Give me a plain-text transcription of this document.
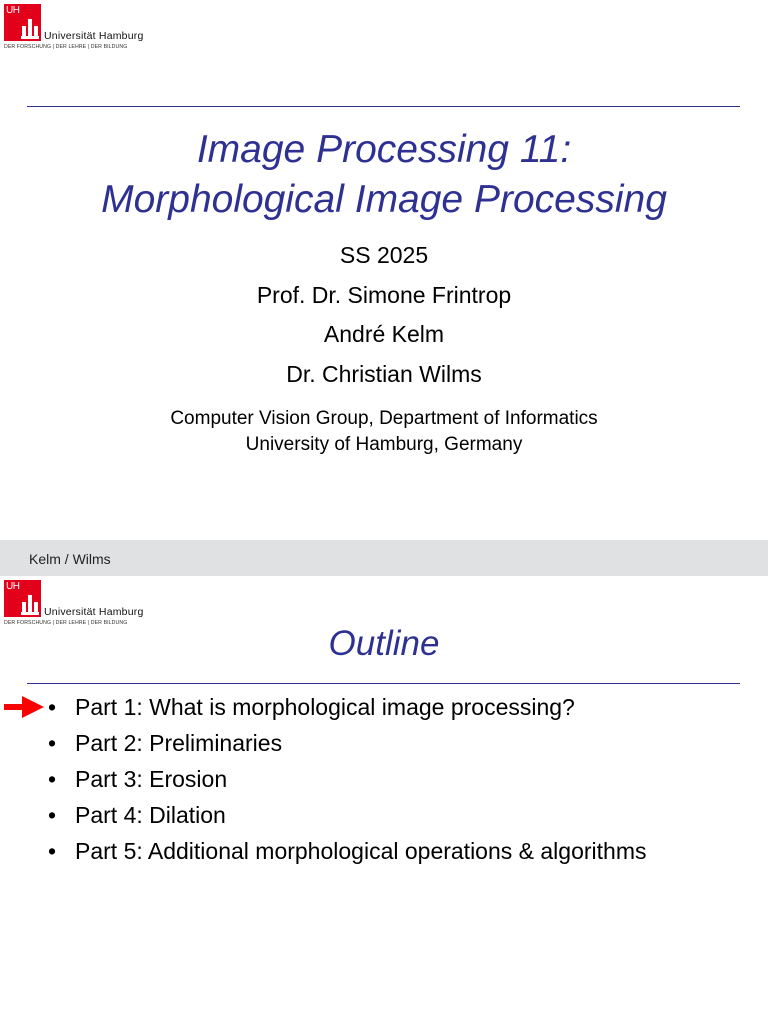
UH
Universität Hamburg
DER FORSCHUNG | DER LEHRE | DER BILDUNG
Image Processing 11:
Morphological Image Processing
SS 2025
Prof. Dr. Simone Frintrop
André Kelm
Dr. Christian Wilms
Computer Vision Group, Department of Informatics
University of Hamburg, Germany
Kelm / Wilms
UH
Universität Hamburg
DER FORSCHUNG | DER LEHRE | DER BILDUNG
Outline
• Part 1: What is morphological image processing?
• Part 2: Preliminaries
• Part 3: Erosion
• Part 4: Dilation
• Part 5: Additional morphological operations & algorithms
